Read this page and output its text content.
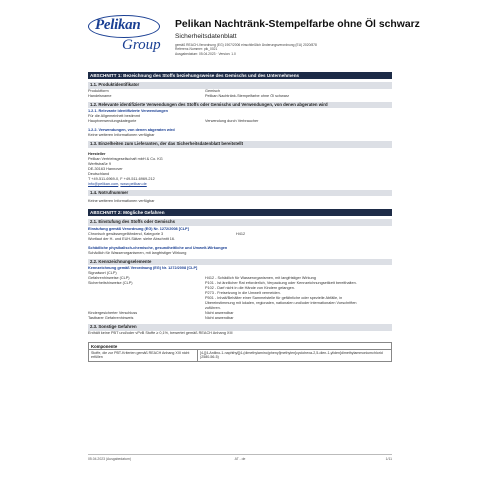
Pelikan
Group
Pelikan Nachtränk-Stempelfarbe ohne Öl schwarz
Sicherheitsdatenblatt
gemäß REACH-Verordnung (EG) 1907/2006 einschließlich Änderungsverordnung (EU) 2020/878
Referenz-Nummer: pik_0021
Ausgabedatum: 05.04.2023 · Version: 1.0
ABSCHNITT 1: Bezeichnung des Stoffs beziehungsweise des Gemischs und des Unternehmens
1.1. Produktidentifikator
Produktform	Gemisch
Handelsname	Pelikan Nachtränk-Stempelfarbe ohne Öl schwarz
1.2. Relevante identifizierte Verwendungen des Stoffs oder Gemischs und Verwendungen, von denen abgeraten wird
1.2.1. Relevante identifizierte Verwendungen
Für die Allgemeinheit bestimmt
Hauptverwendungskategorie	Verwendung durch Verbraucher
1.2.2. Verwendungen, von denen abgeraten wird
Keine weiteren Informationen verfügbar
1.3. Einzelheiten zum Lieferanten, der das Sicherheitsdatenblatt bereitstellt
Hersteller
Pelikan Vertriebsgesellschaft mbH & Co. KG
Werftstraße 9
DE-30163 Hannover
Deutschland
T +49-511-6969-0, F +49-511-6969-212
info@pelikan.com, www.pelikan.de
1.4. Notrufnummer
Keine weiteren Informationen verfügbar
ABSCHNITT 2: Mögliche Gefahren
2.1. Einstufung des Stoffs oder Gemischs
Einstufung gemäß Verordnung (EG) Nr. 1272/2008 [CLP]
Chronisch gewässergefährdend, Kategorie 3	H412
Wortlaut der H- und EUH-Sätze: siehe Abschnitt 16.
Schädliche physikalisch-chemische, gesundheitliche und Umwelt-Wirkungen
Schädlich für Wasserorganismen, mit langfristiger Wirkung
2.2. Kennzeichnungselemente
Kennzeichnung gemäß Verordnung (EG) Nr. 1272/2008 [CLP]
Signalwort (CLP)
Gefahrenhinweise (CLP)	H412 - Schädlich für Wasserorganismen, mit langfristiger Wirkung
Sicherheitshinweise (CLP)	P101 - Ist ärztlicher Rat erforderlich, Verpackung oder Kennzeichnungsetikett bereithalten.
P102 - Darf nicht in die Hände von Kindern gelangen.
P273 - Freisetzung in die Umwelt vermeiden.
P501 - Inhalt/Behälter einer Sammelstelle für gefährliche oder spezielle Abfälle, in
Übereinstimmung mit lokalen, regionalen, nationalen und/oder internationalen Vorschriften
zuführen.
Kindergesicherter Verschluss	Nicht anwendbar
Tastbarer Gefahrenhinweis	Nicht anwendbar
2.3. Sonstige Gefahren
Enthält keine PBT und/oder vPvB Stoffe ≥ 0,1%, bewertet gemäß REACH Anhang XIII
Komponente
Stoffe, die zur PBT-Kriterien gemäß REACH Anhang XIII nicht erfüllen
[4-[[4-Anilino-1-naphthyl][4-(dimethylamino)phenyl]methylen]cyclohexa-2,5-dien-1-yliden]dimethylammoniumchlorid (2580-56-5)
05.04.2023 (Ausgabedatum)	AT - de	1/11
